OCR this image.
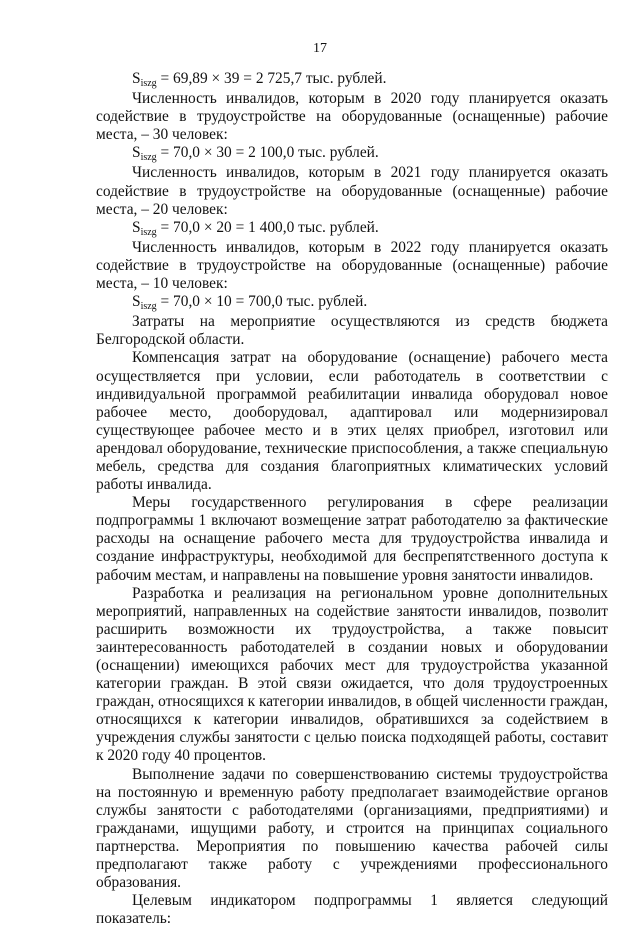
17

$S_{iszg} = 69,89 \times 39 = 2$ 725,7 тыс. рублей.

Численность инвалидов, которым в 2020 году планируется оказать содействие в трудоустройстве на оборудованные (оснащенные) рабочие места, – 30 человек:

$S_{iszg} = 70,0 \times 30 = 2$ 100,0 тыс. рублей.

Численность инвалидов, которым в 2021 году планируется оказать содействие в трудоустройстве на оборудованные (оснащенные) рабочие места, – 20 человек:

$S_{iszg} = 70,0 \times 20 = 1$ 400,0 тыс. рублей.

Численность инвалидов, которым в 2022 году планируется оказать содействие в трудоустройстве на оборудованные (оснащенные) рабочие места, – 10 человек:

$S_{iszg} = 70,0 \times 10 = 700,0$ тыс. рублей.

Затраты на мероприятие осуществляются из средств бюджета Белгородской области.

Компенсация затрат на оборудование (оснащение) рабочего места осуществляется при условии, если работодатель в соответствии с индивидуальной программой реабилитации инвалида оборудовал новое рабочее место, дооборудовал, адаптировал или модернизировал существующее рабочее место и в этих целях приобрел, изготовил или арендовал оборудование, технические приспособления, а также специальную мебель, средства для создания благоприятных климатических условий работы инвалида.

Меры государственного регулирования в сфере реализации подпрограммы 1 включают возмещение затрат работодателю за фактические расходы на оснащение рабочего места для трудоустройства инвалида и создание инфраструктуры, необходимой для беспрепятственного доступа к рабочим местам, и направлены на повышение уровня занятости инвалидов.

Разработка и реализация на региональном уровне дополнительных мероприятий, направленных на содействие занятости инвалидов, позволит расширить возможности их трудоустройства, а также повысит заинтересованность работодателей в создании новых и оборудовании (оснащении) имеющихся рабочих мест для трудоустройства указанной категории граждан. В этой связи ожидается, что доля трудоустроенных граждан, относящихся к категории инвалидов, в общей численности граждан, относящихся к категории инвалидов, обратившихся за содействием в учреждения службы занятости с целью поиска подходящей работы, составит к 2020 году 40 процентов.

Выполнение задачи по совершенствованию системы трудоустройства на постоянную и временную работу предполагает взаимодействие органов службы занятости с работодателями (организациями, предприятиями) и гражданами, ищущими работу, и строится на принципах социального партнерства. Мероприятия по повышению качества рабочей силы предполагают также работу с учреждениями профессионального образования.

Целевым индикатором подпрограммы 1 является следующий показатель:
